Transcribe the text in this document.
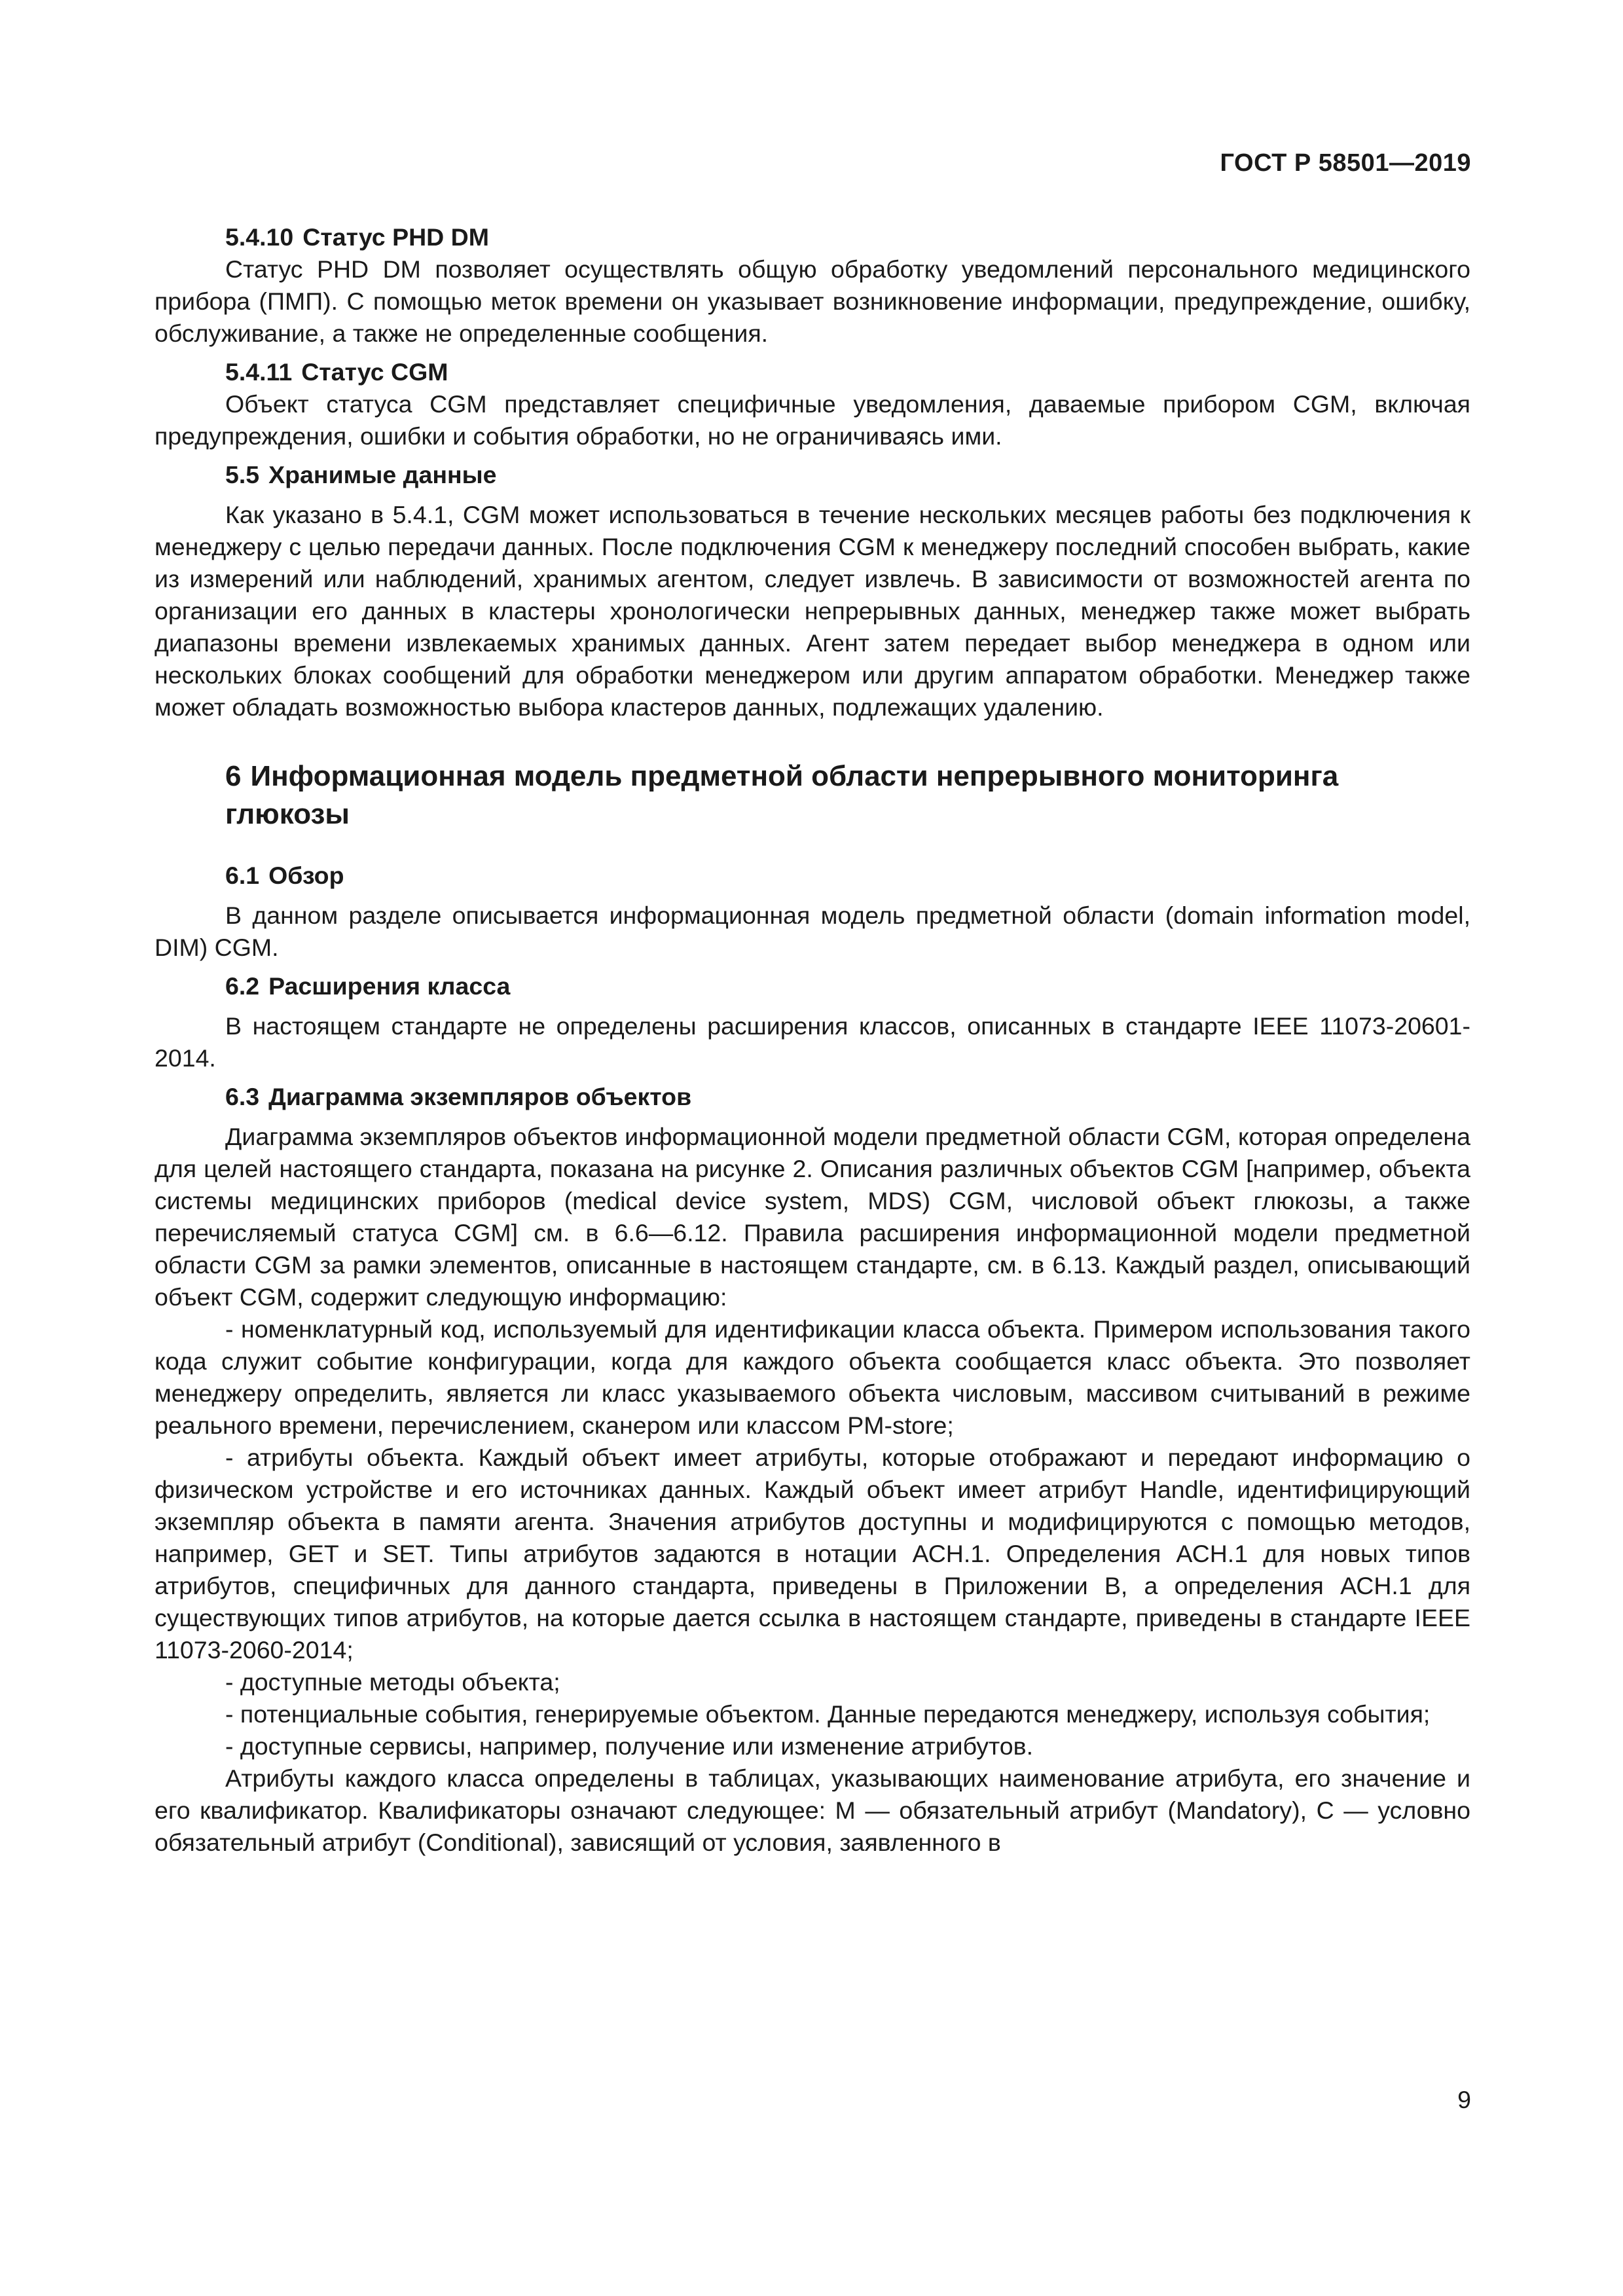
ГОСТ Р 58501—2019
5.4.10 Статус PHD DM

Статус PHD DM позволяет осуществлять общую обработку уведомлений персонального медицинского прибора (ПМП). С помощью меток времени он указывает возникновение информации, предупреждение, ошибку, обслуживание, а также не определенные сообщения.

5.4.11 Статус CGM

Объект статуса CGM представляет специфичные уведомления, даваемые прибором CGM, включая предупреждения, ошибки и события обработки, но не ограничиваясь ими.

5.5 Хранимые данные

Как указано в 5.4.1, CGM может использоваться в течение нескольких месяцев работы без подключения к менеджеру с целью передачи данных. После подключения CGM к менеджеру последний способен выбрать, какие из измерений или наблюдений, хранимых агентом, следует извлечь. В зависимости от возможностей агента по организации его данных в кластеры хронологически непрерывных данных, менеджер также может выбрать диапазоны времени извлекаемых хранимых данных. Агент затем передает выбор менеджера в одном или нескольких блоках сообщений для обработки менеджером или другим аппаратом обработки. Менеджер также может обладать возможностью выбора кластеров данных, подлежащих удалению.

6 Информационная модель предметной области непрерывного мониторинга глюкозы
6.1 Обзор

В данном разделе описывается информационная модель предметной области (domain information model, DIM) CGM.

6.2 Расширения класса

В настоящем стандарте не определены расширения классов, описанных в стандарте IEEE 11073-20601-2014.

6.3 Диаграмма экземпляров объектов

Диаграмма экземпляров объектов информационной модели предметной области CGM, которая определена для целей настоящего стандарта, показана на рисунке 2. Описания различных объектов CGM [например, объекта системы медицинских приборов (medical device system, MDS) CGM, числовой объект глюкозы, а также перечисляемый статуса CGM] см. в 6.6—6.12. Правила расширения информационной модели предметной области CGM за рамки элементов, описанные в настоящем стандарте, см. в 6.13. Каждый раздел, описывающий объект CGM, содержит следующую информацию:

- номенклатурный код, используемый для идентификации класса объекта. Примером использования такого кода служит событие конфигурации, когда для каждого объекта сообщается класс объекта. Это позволяет менеджеру определить, является ли класс указываемого объекта числовым, массивом считываний в режиме реального времени, перечислением, сканером или классом PM-store;

- атрибуты объекта. Каждый объект имеет атрибуты, которые отображают и передают информацию о физическом устройстве и его источниках данных. Каждый объект имеет атрибут Handle, идентифицирующий экземпляр объекта в памяти агента. Значения атрибутов доступны и модифицируются с помощью методов, например, GET и SET. Типы атрибутов задаются в нотации АСН.1. Определения АСН.1 для новых типов атрибутов, специфичных для данного стандарта, приведены в Приложении В, а определения АСН.1 для существующих типов атрибутов, на которые дается ссылка в настоящем стандарте, приведены в стандарте IEEE 11073-2060-2014;

- доступные методы объекта;

- потенциальные события, генерируемые объектом. Данные передаются менеджеру, используя события;

- доступные сервисы, например, получение или изменение атрибутов.

Атрибуты каждого класса определены в таблицах, указывающих наименование атрибута, его значение и его квалификатор. Квалификаторы означают следующее: М — обязательный атрибут (Mandatory), С — условно обязательный атрибут (Conditional), зависящий от условия, заявленного в

9
